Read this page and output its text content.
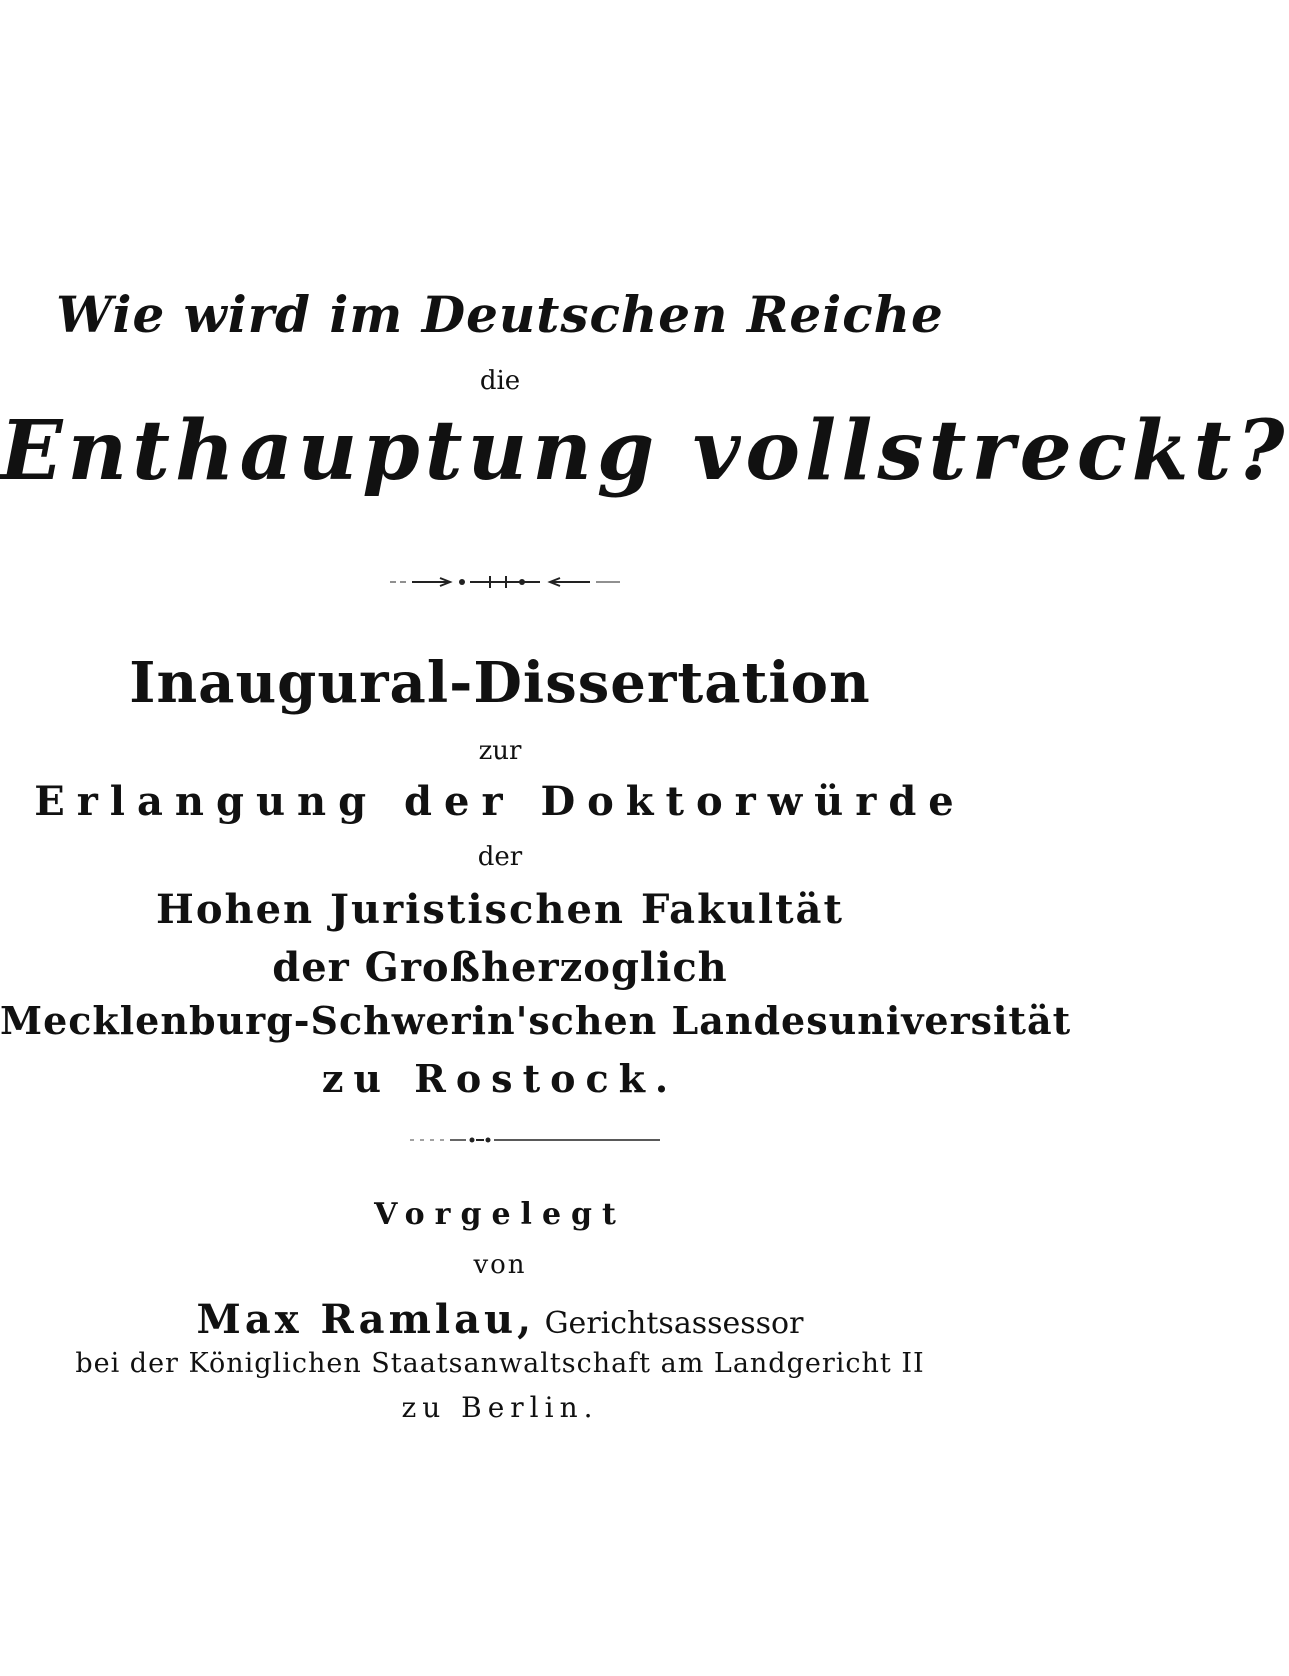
Wie wird im Deutschen Reiche
die
Enthauptung vollstreckt?
Inaugural-Dissertation
zur
Erlangung der Doktorwürde
der
Hohen Juristischen Fakultät
der Großherzoglich
Mecklenburg-Schwerin'schen Landesuniversität
zu Rostock.
Vorgelegt
von
Max Ramlau, Gerichtsassessor
bei der Königlichen Staatsanwaltschaft am Landgericht II
zu Berlin.
